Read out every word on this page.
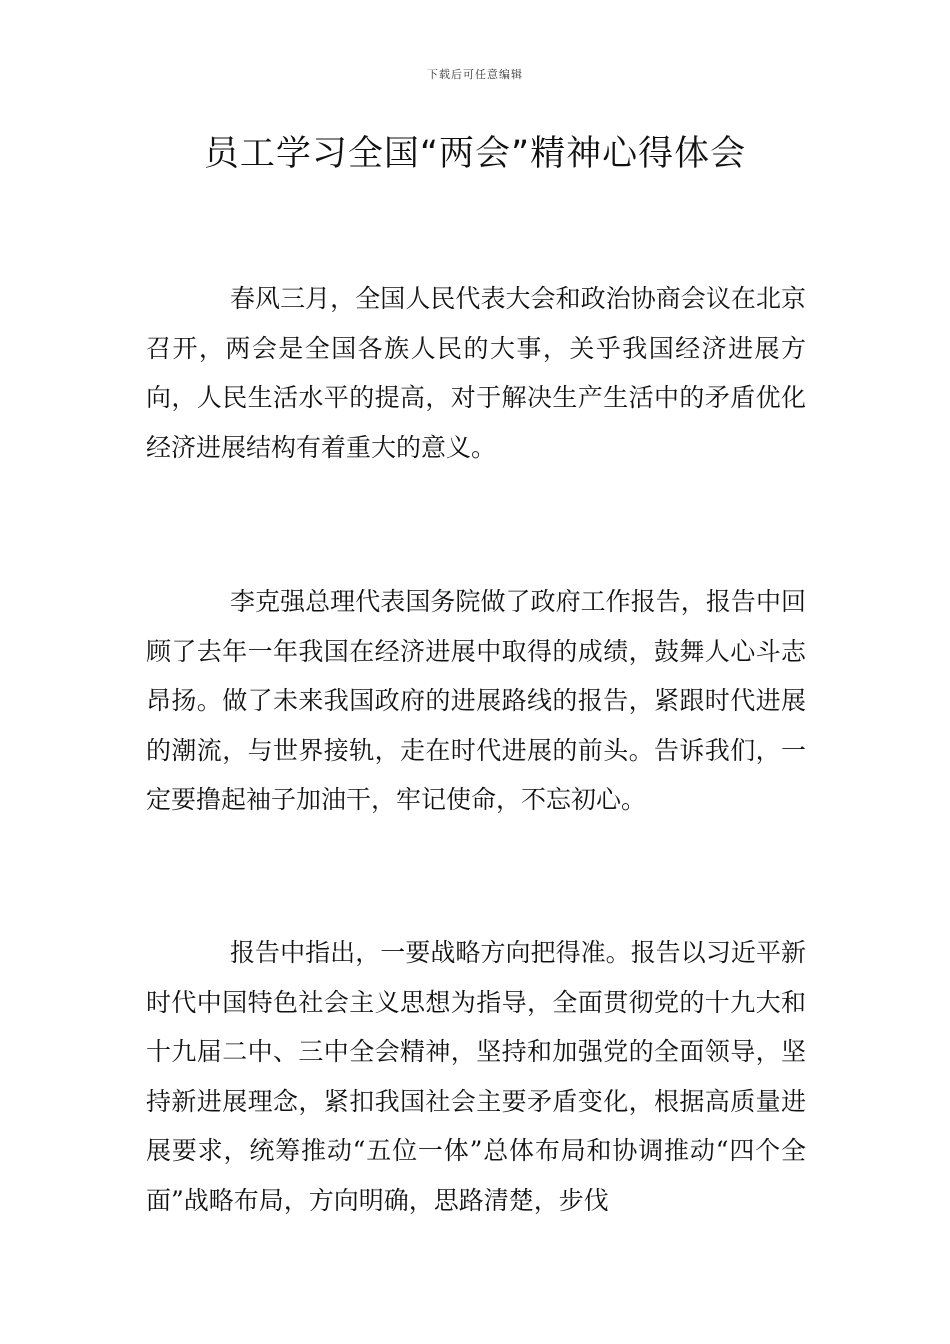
下载后可任意编辑
员工学习全国“两会”精神心得体会

春风三月，全国人民代表大会和政治协商会议在北京召开，两会是全国各族人民的大事，关乎我国经济进展方向，人民生活水平的提高，对于解决生产生活中的矛盾优化经济进展结构有着重大的意义。

李克强总理代表国务院做了政府工作报告，报告中回顾了去年一年我国在经济进展中取得的成绩，鼓舞人心斗志昂扬。做了未来我国政府的进展路线的报告，紧跟时代进展的潮流，与世界接轨，走在时代进展的前头。告诉我们，一定要撸起袖子加油干，牢记使命，不忘初心。

报告中指出，一要战略方向把得准。报告以习近平新时代中国特色社会主义思想为指导，全面贯彻党的十九大和十九届二中、三中全会精神，坚持和加强党的全面领导，坚持新进展理念，紧扣我国社会主要矛盾变化，根据高质量进展要求，统筹推动“五位一体”总体布局和协调推动“四个全面”战略布局，方向明确，思路清楚，步伐
